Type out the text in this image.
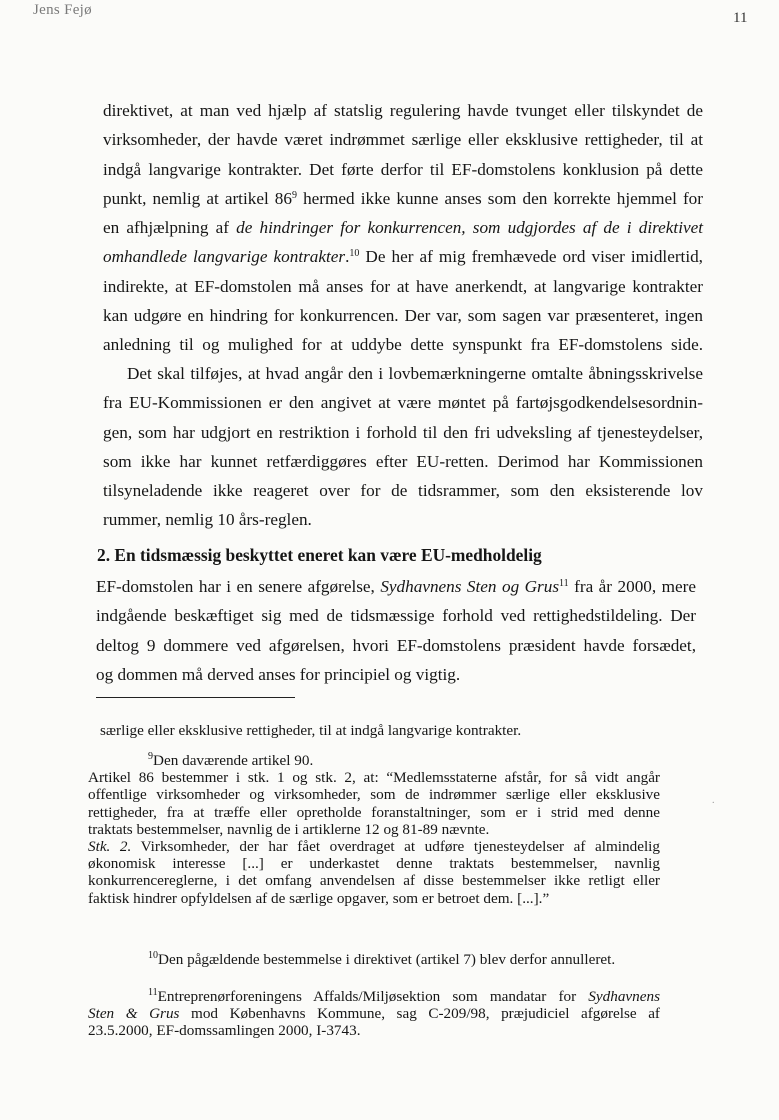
Jens Fejø	11
direktivet, at man ved hjælp af statslig regulering havde tvunget eller tilskyndet de
virksomheder, der havde været indrømmet særlige eller eksklusive rettigheder, til at
indgå langvarige kontrakter. Det førte derfor til EF-domstolens konklusion på dette
punkt, nemlig at artikel $86^9$ hermed ikke kunne anses som den korrekte hjemmel for
en afhjælpning af de hindringer for konkurrencen, som udgjordes af de i direktivet
omhandlede langvarige kontrakter.$^{10}$ De her af mig fremhævede ord viser imidlertid,
indirekte, at EF-domstolen må anses for at have anerkendt, at langvarige kontrakter
kan udgøre en hindring for konkurrencen. Der var, som sagen var præsenteret, ingen
anledning til og mulighed for at uddybe dette synspunkt fra EF-domstolens side.
Det skal tilføjes, at hvad angår den i lovbemærkningerne omtalte åbningsskrivelse
fra EU-Kommissionen er den angivet at være møntet på fartøjsgodkendelsesordnin-
gen, som har udgjort en restriktion i forhold til den fri udveksling af tjenesteydelser,
som ikke har kunnet retfærdiggøres efter EU-retten. Derimod har Kommissionen
tilsyneladende ikke reageret over for de tidsrammer, som den eksisterende lov
rummer, nemlig 10 års-reglen.
2. En tidsmæssig beskyttet eneret kan være EU-medholdelig
EF-domstolen har i en senere afgørelse, Sydhavnens Sten og Grus$^{11}$ fra år 2000, mere
indgående beskæftiget sig med de tidsmæssige forhold ved rettighedstildeling. Der
deltog 9 dommere ved afgørelsen, hvori EF-domstolens præsident havde forsædet,
og dommen må derved anses for principiel og vigtig.
særlige eller eksklusive rettigheder, til at indgå langvarige kontrakter.
$^9$Den daværende artikel 90.
Artikel 86 bestemmer i stk. 1 og stk. 2, at: “Medlemsstaterne afstår, for så vidt angår
offentlige virksomheder og virksomheder, som de indrømmer særlige eller eksklusive
rettigheder, fra at træffe eller opretholde foranstaltninger, som er i strid med denne
traktats bestemmelser, navnlig de i artiklerne 12 og 81-89 nævnte.
Stk. 2. Virksomheder, der har fået overdraget at udføre tjenesteydelser af almindelig
økonomisk interesse [...] er underkastet denne traktats bestemmelser, navnlig
konkurrencereglerne, i det omfang anvendelsen af disse bestemmelser ikke retligt eller
faktisk hindrer opfyldelsen af de særlige opgaver, som er betroet dem. [...].”
$^{10}$Den pågældende bestemmelse i direktivet (artikel 7) blev derfor annulleret.
$^{11}$Entreprenørforeningens Affalds/Miljøsektion som mandatar for Sydhavnens
Sten & Grus mod Københavns Kommune, sag C-209/98, præjudiciel afgørelse af
23.5.2000, EF-domssamlingen 2000, I-3743.
.
